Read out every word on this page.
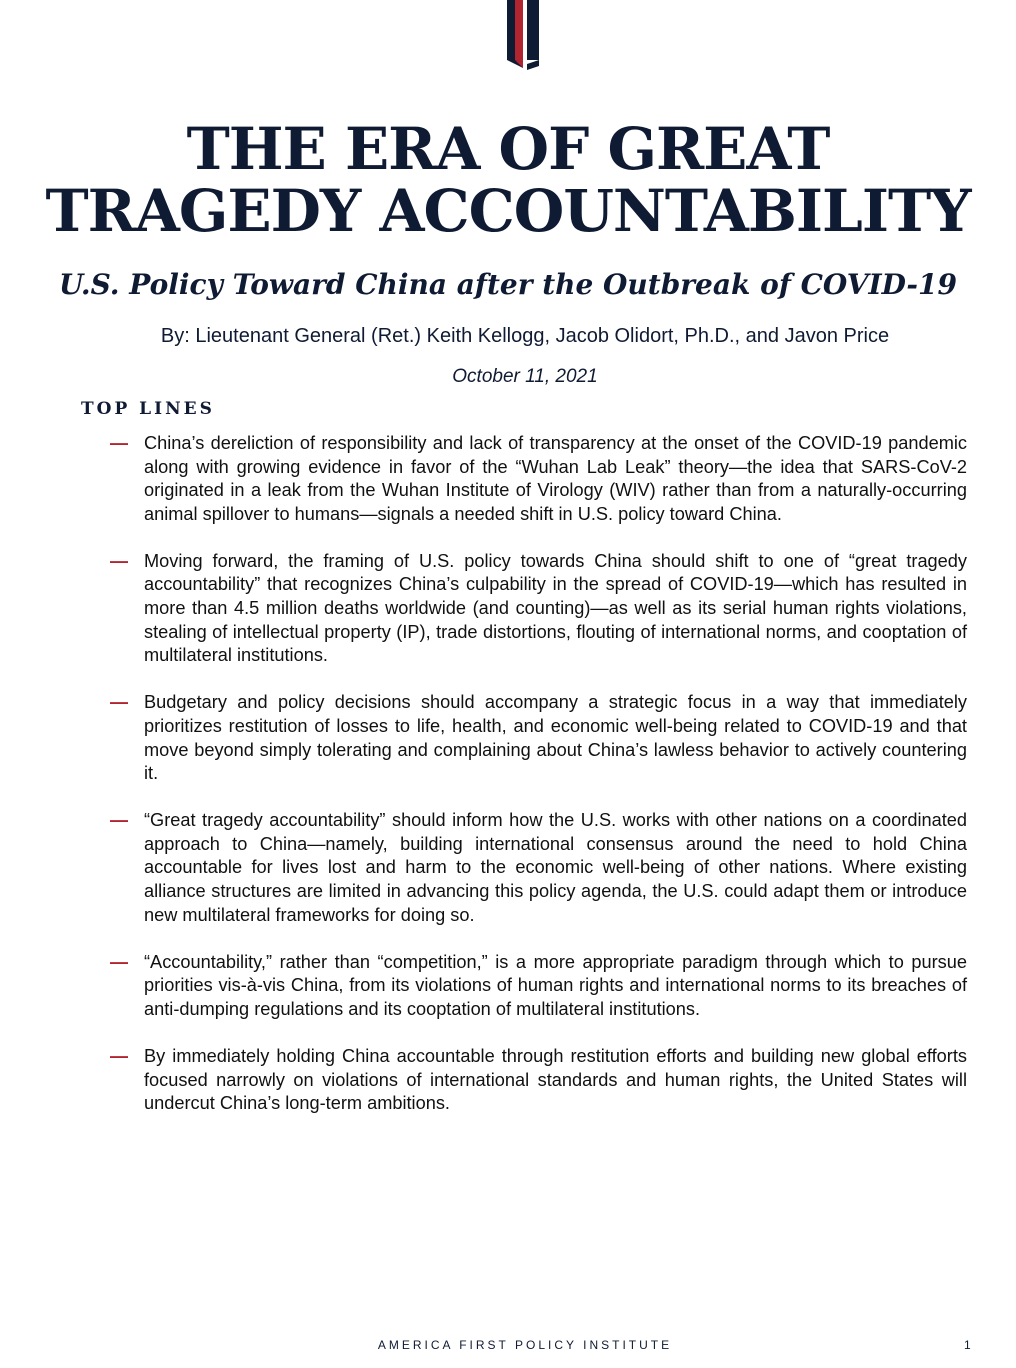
THE ERA OF GREAT
TRAGEDY ACCOUNTABILITY
U.S. Policy Toward China after the Outbreak of COVID-19
By: Lieutenant General (Ret.) Keith Kellogg, Jacob Olidort, Ph.D., and Javon Price
October 11, 2021
TOP LINES
— China’s dereliction of responsibility and lack of transparency at the onset of the COVID-19 pandemic along with growing evidence in favor of the “Wuhan Lab Leak” theory—the idea that SARS-CoV-2 originated in a leak from the Wuhan Institute of Virology (WIV) rather than from a naturally-occurring animal spillover to humans—signals a needed shift in U.S. policy toward China.
— Moving forward, the framing of U.S. policy towards China should shift to one of “great tragedy accountability” that recognizes China’s culpability in the spread of COVID-19—which has resulted in more than 4.5 million deaths worldwide (and counting)—as well as its serial human rights violations, stealing of intellectual property (IP), trade distortions, flouting of international norms, and cooptation of multilateral institutions.
— Budgetary and policy decisions should accompany a strategic focus in a way that immediately prioritizes restitution of losses to life, health, and economic well-being related to COVID-19 and that move beyond simply tolerating and complaining about China’s lawless behavior to actively countering it.
— “Great tragedy accountability” should inform how the U.S. works with other nations on a coordinated approach to China—namely, building international consensus around the need to hold China accountable for lives lost and harm to the economic well-being of other nations. Where existing alliance structures are limited in advancing this policy agenda, the U.S. could adapt them or introduce new multilateral frameworks for doing so.
— “Accountability,” rather than “competition,” is a more appropriate paradigm through which to pursue priorities vis-à-vis China, from its violations of human rights and international norms to its breaches of anti-dumping regulations and its cooptation of multilateral institutions.
— By immediately holding China accountable through restitution efforts and building new global efforts focused narrowly on violations of international standards and human rights, the United States will undercut China’s long-term ambitions.
AMERICA FIRST POLICY INSTITUTE	1
